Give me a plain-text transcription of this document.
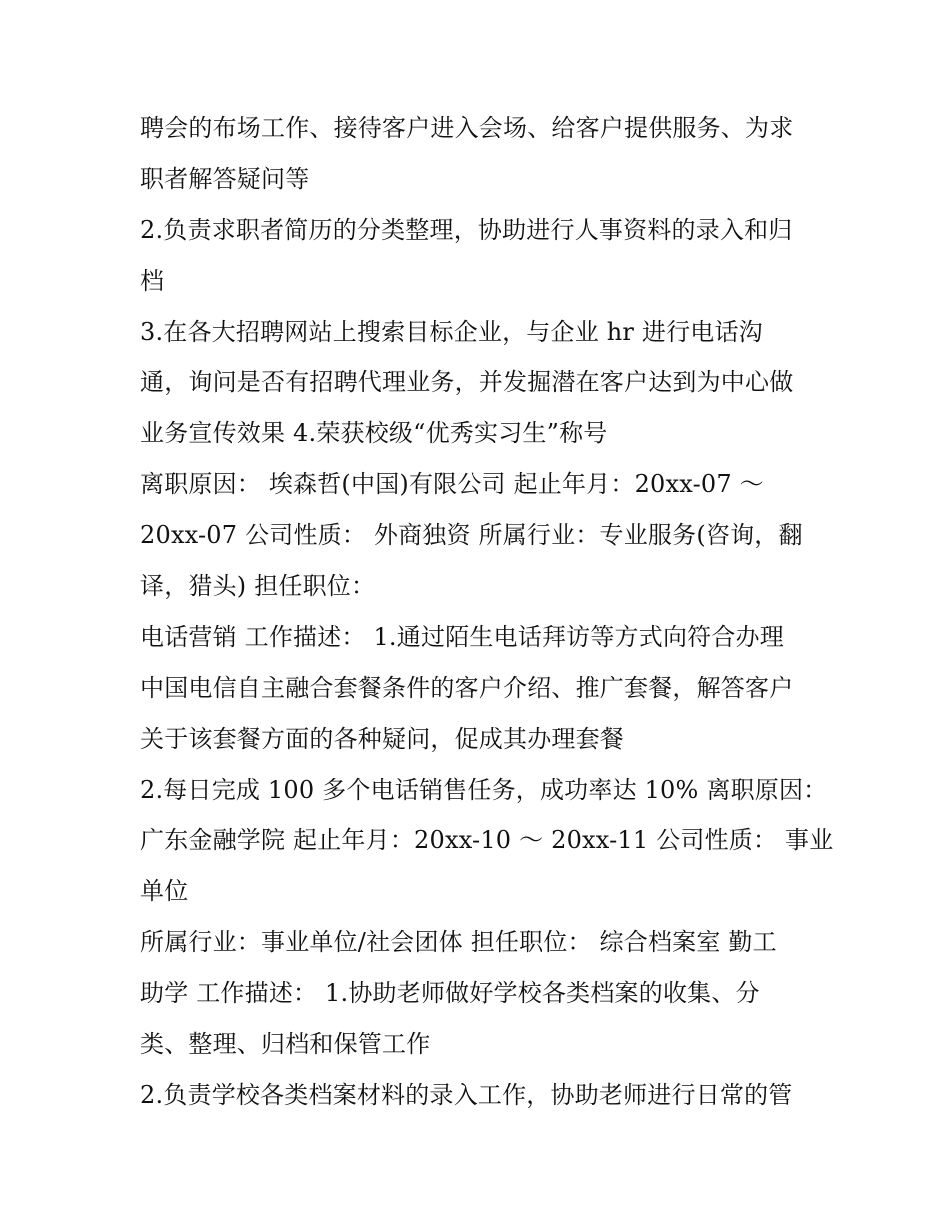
聘会的布场工作、接待客户进入会场、给客户提供服务、为求
职者解答疑问等
2.负责求职者简历的分类整理，协助进行人事资料的录入和归
档
3.在各大招聘网站上搜索目标企业，与企业 hr 进行电话沟
通，询问是否有招聘代理业务，并发掘潜在客户达到为中心做
业务宣传效果 4.荣获校级“优秀实习生”称号
离职原因： 埃森哲(中国)有限公司 起止年月：20xx-07 ～
20xx-07 公司性质： 外商独资 所属行业：专业服务(咨询，翻
译，猎头) 担任职位：
电话营销 工作描述： 1.通过陌生电话拜访等方式向符合办理
中国电信自主融合套餐条件的客户介绍、推广套餐，解答客户
关于该套餐方面的各种疑问，促成其办理套餐
2.每日完成 100 多个电话销售任务，成功率达 10% 离职原因：
广东金融学院 起止年月：20xx-10 ～ 20xx-11 公司性质： 事业
单位
所属行业：事业单位/社会团体 担任职位： 综合档案室 勤工
助学 工作描述： 1.协助老师做好学校各类档案的收集、分
类、整理、归档和保管工作
2.负责学校各类档案材料的录入工作，协助老师进行日常的管
